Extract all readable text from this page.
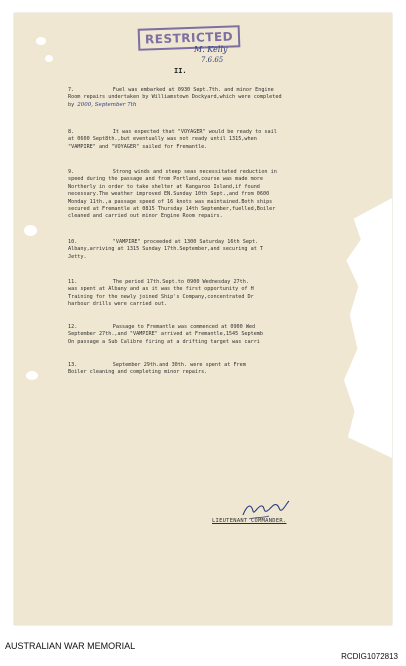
RESTRICTED
M. Kelly
7.6.65
II.
7.	Fuel was embarked at 0930 Sept.7th. and minor Engine
Room repairs undertaken by Williamstown Dockyard,which were completed
by 2000, September 7th
8.	It was expected that "VOYAGER" would be ready to sail
at 0600 Sept8th.,but eventually was not ready until 1315,when
"VAMPIRE" and "VOYAGER" sailed for Fremantle.
9.	Strong winds and steep seas necessitated reduction in
speed during the passage and from Portland,course was made more
Northerly in order to take shelter at Kangaroo Island,if found
necessary.The weather improved EN.Sunday 10th Sept.,and from 0600
Monday 11th.,a passage speed of 16 knots was maintained.Both ships
secured at Fremantle at 0815 Thursday 14th September,fuelled,Boiler
cleaned and carried out minor Engine Room repairs.
10. "VAMPIRE" proceeded at 1300 Saturday 16th Sept.
Albany,arriving at 1315 Sunday 17th.September,and securing at T
Jetty.
11. The period 17th.Sept.to 0900 Wednesday 27th.
was spent at Albany and as it was the first opportunity of H
Training for the newly joined Ship's Company,concentrated Dr
harbour drills were carried out.
12. Passage to Fremantle was commenced at 0900 Wed
September 27th.,and "VAMPIRE" arrived at Fremantle,1545 Septemb
On passage a Sub Calibre firing at a drifting target was carri
13. September 29th.and 30th. were spent at Frem
Boiler cleaning and completing minor repairs.
LIEUTENANT COMMANDER.
AUSTRALIAN WAR MEMORIAL
RCDIG1072813
